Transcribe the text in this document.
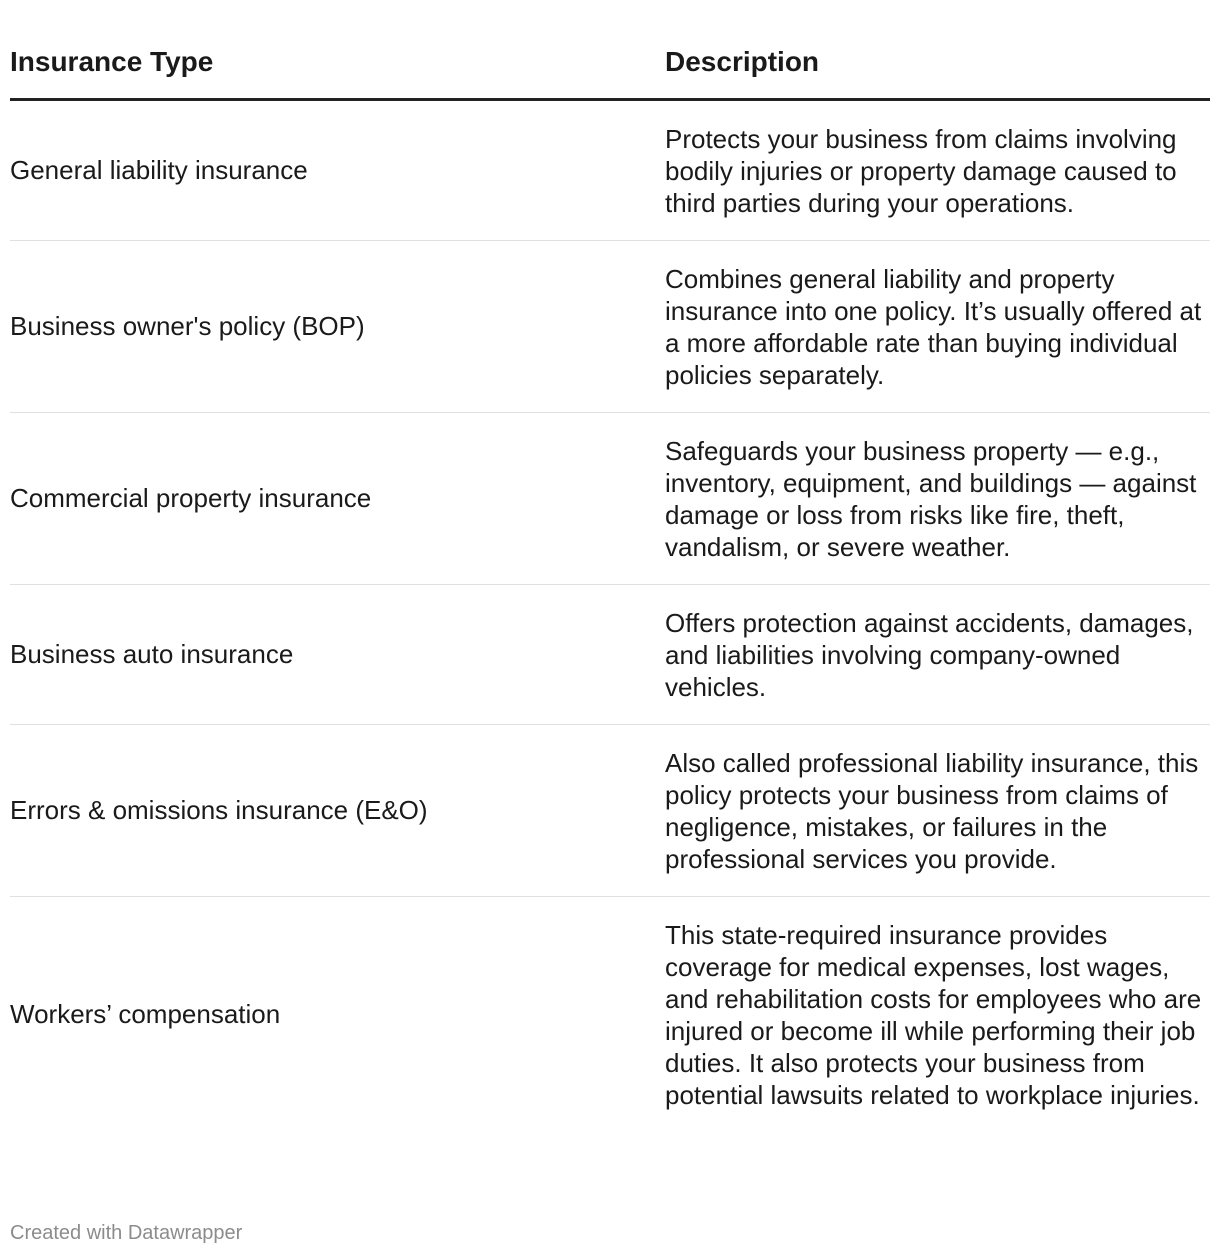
Insurance Type	Description
General liability insurance	Protects your business from claims involving bodily injuries or property damage caused to third parties during your operations.
Business owner's policy (BOP)	Combines general liability and property insurance into one policy. It’s usually offered at a more affordable rate than buying individual policies separately.
Commercial property insurance	Safeguards your business property — e.g., inventory, equipment, and buildings — against damage or loss from risks like fire, theft, vandalism, or severe weather.
Business auto insurance	Offers protection against accidents, damages, and liabilities involving company-owned vehicles.
Errors & omissions insurance (E&O)	Also called professional liability insurance, this policy protects your business from claims of negligence, mistakes, or failures in the professional services you provide.
Workers’ compensation	This state-required insurance provides coverage for medical expenses, lost wages, and rehabilitation costs for employees who are injured or become ill while performing their job duties. It also protects your business from potential lawsuits related to workplace injuries.
Created with Datawrapper
